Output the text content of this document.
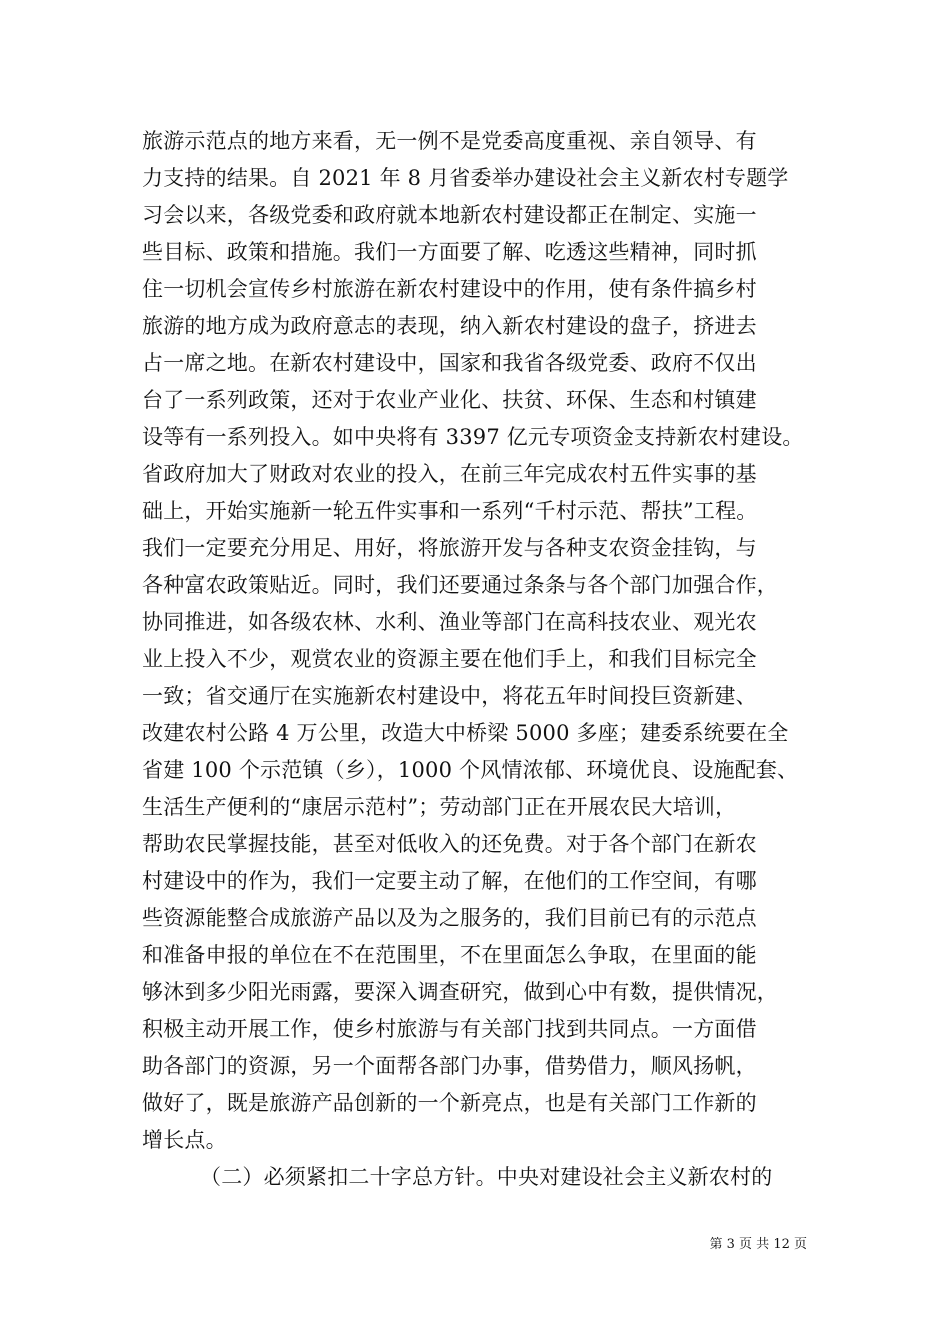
旅游示范点的地方来看，无一例不是党委高度重视、亲自领导、有
力支持的结果。自 2021 年 8 月省委举办建设社会主义新农村专题学
习会以来，各级党委和政府就本地新农村建设都正在制定、实施一
些目标、政策和措施。我们一方面要了解、吃透这些精神，同时抓
住一切机会宣传乡村旅游在新农村建设中的作用，使有条件搞乡村
旅游的地方成为政府意志的表现，纳入新农村建设的盘子，挤进去
占一席之地。在新农村建设中，国家和我省各级党委、政府不仅出
台了一系列政策，还对于农业产业化、扶贫、环保、生态和村镇建
设等有一系列投入。如中央将有 3397 亿元专项资金支持新农村建设。
省政府加大了财政对农业的投入，在前三年完成农村五件实事的基
础上，开始实施新一轮五件实事和一系列“千村示范、帮扶”工程。
我们一定要充分用足、用好，将旅游开发与各种支农资金挂钩，与
各种富农政策贴近。同时，我们还要通过条条与各个部门加强合作，
协同推进，如各级农林、水利、渔业等部门在高科技农业、观光农
业上投入不少，观赏农业的资源主要在他们手上，和我们目标完全
一致；省交通厅在实施新农村建设中，将花五年时间投巨资新建、
改建农村公路 4 万公里，改造大中桥梁 5000 多座；建委系统要在全
省建 100 个示范镇（乡），1000 个风情浓郁、环境优良、设施配套、
生活生产便利的“康居示范村”；劳动部门正在开展农民大培训，
帮助农民掌握技能，甚至对低收入的还免费。对于各个部门在新农
村建设中的作为，我们一定要主动了解，在他们的工作空间，有哪
些资源能整合成旅游产品以及为之服务的，我们目前已有的示范点
和准备申报的单位在不在范围里，不在里面怎么争取，在里面的能
够沐到多少阳光雨露，要深入调查研究，做到心中有数，提供情况，
积极主动开展工作，使乡村旅游与有关部门找到共同点。一方面借
助各部门的资源，另一个面帮各部门办事，借势借力，顺风扬帆，
做好了，既是旅游产品创新的一个新亮点，也是有关部门工作新的
增长点。
（二）必须紧扣二十字总方针。中央对建设社会主义新农村的
第 3 页 共 12 页
